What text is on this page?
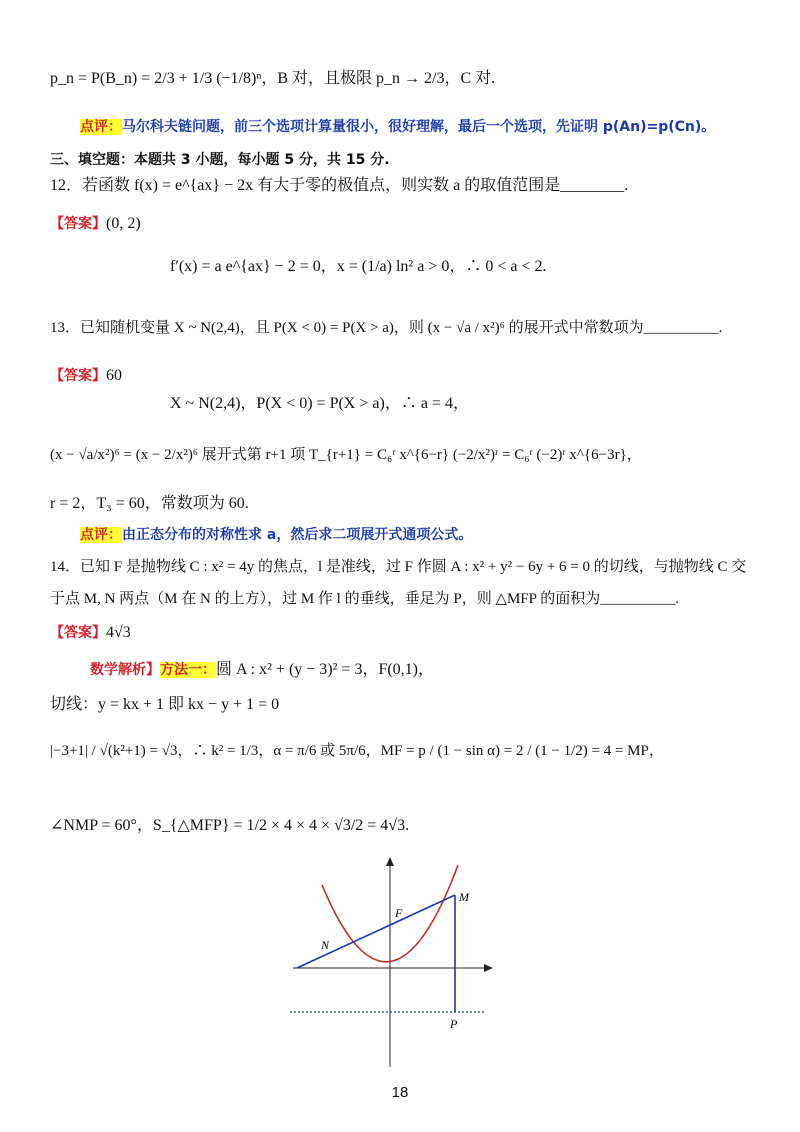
p_n = P(B_n) = 2/3 + 1/3 (−1/8)ⁿ，B 对，且极限 p_n → 2/3，C 对.
点评：马尔科夫链问题，前三个选项计算量很小，很好理解，最后一个选项，先证明 p(An)=p(Cn)。
三、填空题：本题共 3 小题，每小题 5 分，共 15 分.
12．若函数 f(x) = e^{ax} − 2x 有大于零的极值点，则实数 a 的取值范围是________.
【答案】(0, 2)
f′(x) = a e^{ax} − 2 = 0，x = (1/a) ln² a > 0，∴ 0 < a < 2.
13．已知随机变量 X ~ N(2,4)，且 P(X < 0) = P(X > a)，则 (x − √a / x²)⁶ 的展开式中常数项为__________.
【答案】60
X ~ N(2,4)，P(X < 0) = P(X > a)，∴ a = 4，
(x − √a/x²)⁶ = (x − 2/x²)⁶ 展开式第 r+1 项 T_{r+1} = C₆ʳ x^{6−r} (−2/x²)ʳ = C₆ʳ (−2)ʳ x^{6−3r}，
r = 2，T₃ = 60，常数项为 60.
点评：由正态分布的对称性求 a，然后求二项展开式通项公式。
14．已知 F 是抛物线 C : x² = 4y 的焦点，l 是准线，过 F 作圆 A : x² + y² − 6y + 6 = 0 的切线，与抛物线 C 交
于点 M, N 两点（M 在 N 的上方），过 M 作 l 的垂线，垂足为 P，则 △MFP 的面积为__________.
【答案】4√3
数学解析】方法一：圆 A : x² + (y − 3)² = 3，F(0,1)，
切线：y = kx + 1 即 kx − y + 1 = 0
|−3+1| / √(k²+1) = √3，∴ k² = 1/3，α = π/6 或 5π/6，MF = p / (1 − sin α) = 2 / (1 − 1/2) = 4 = MP，
∠NMP = 60°，S_{△MFP} = 1/2 × 4 × 4 × √3/2 = 4√3.
F
M
N
P
18
